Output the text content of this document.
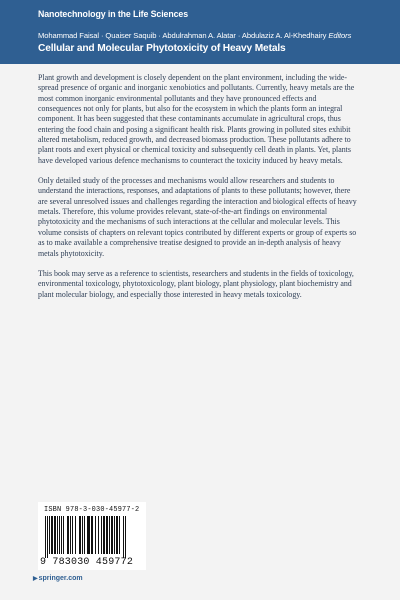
Nanotechnology in the Life Sciences
Mohammad Faisal · Quaiser Saquib · Abdulrahman A. Alatar · Abdulaziz A. Al-Khedhairy Editors
Cellular and Molecular Phytotoxicity of Heavy Metals

Plant growth and development is closely dependent on the plant environment, including the wide-spread presence of organic and inorganic xenobiotics and pollutants. Currently, heavy metals are the most common inorganic environmental pollutants and they have pronounced effects and consequences not only for plants, but also for the ecosystem in which the plants form an integral component. It has been suggested that these contaminants accumulate in agricultural crops, thus entering the food chain and posing a significant health risk. Plants growing in polluted sites exhibit altered metabolism, reduced growth, and decreased biomass production. These pollutants adhere to plant roots and exert physical or chemical toxicity and subsequently cell death in plants. Yet, plants have developed various defence mechanisms to counteract the toxicity induced by heavy metals.

Only detailed study of the processes and mechanisms would allow researchers and students to understand the interactions, responses, and adaptations of plants to these pollutants; however, there are several unresolved issues and challenges regarding the interaction and biological effects of heavy metals. Therefore, this volume provides relevant, state-of-the-art findings on environmental phytotoxicity and the mechanisms of such interactions at the cellular and molecular levels. This volume consists of chapters on relevant topics contributed by different experts or group of experts so as to make available a comprehensive treatise designed to provide an in-depth analysis of heavy metals phytotoxicity.

This book may serve as a reference to scientists, researchers and students in the fields of toxicology, environmental toxicology, phytotoxicology, plant biology, plant physiology, plant biochemistry and plant molecular biology, and especially those interested in heavy metals toxicology.

ISBN 978-3-030-45977-2
9 783030 459772
▶springer.com
